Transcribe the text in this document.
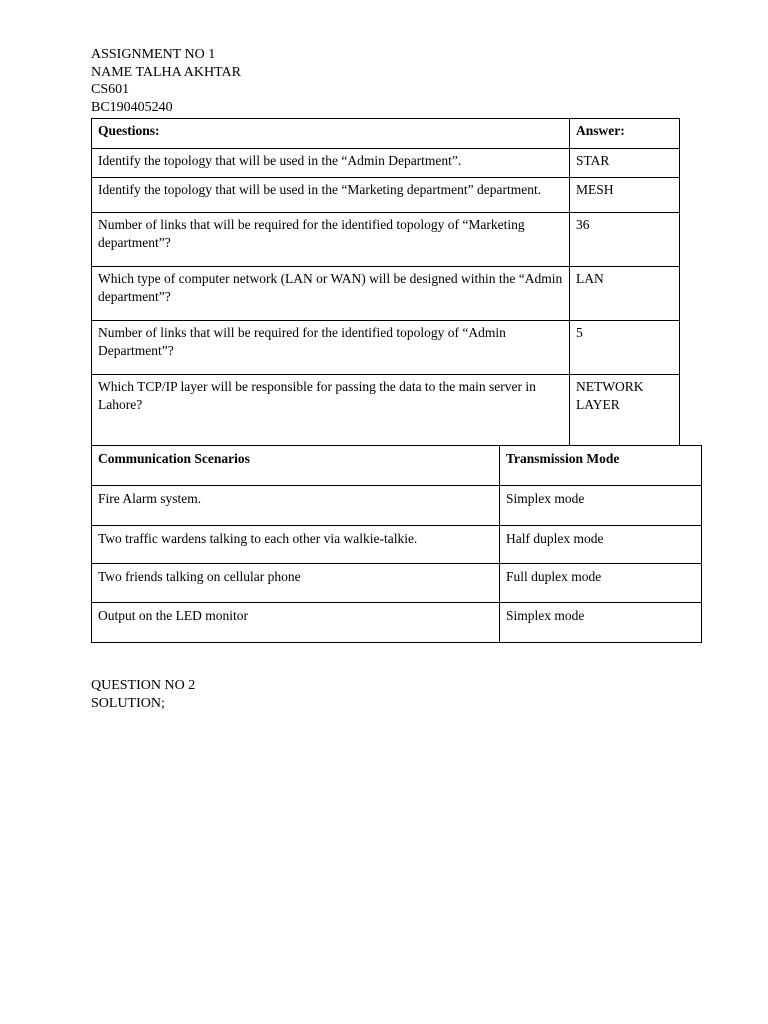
ASSIGNMENT NO 1
NAME TALHA AKHTAR
CS601
BC190405240
Questions:	Answer:
Identify the topology that will be used in the “Admin Department”.	STAR
Identify the topology that will be used in the “Marketing department” department.	MESH
Number of links that will be required for the identified topology of “Marketing department”?	36
Which type of computer network (LAN or WAN) will be designed within the “Admin department”?	LAN
Number of links that will be required for the identified topology of “Admin Department”?	5
Which TCP/IP layer will be responsible for passing the data to the main server in Lahore?	NETWORK LAYER
Communication Scenarios	Transmission Mode
Fire Alarm system.	Simplex mode
Two traffic wardens talking to each other via walkie-talkie.	Half duplex mode
Two friends talking on cellular phone	Full duplex mode
Output on the LED monitor	Simplex mode
QUESTION NO 2
SOLUTION;
